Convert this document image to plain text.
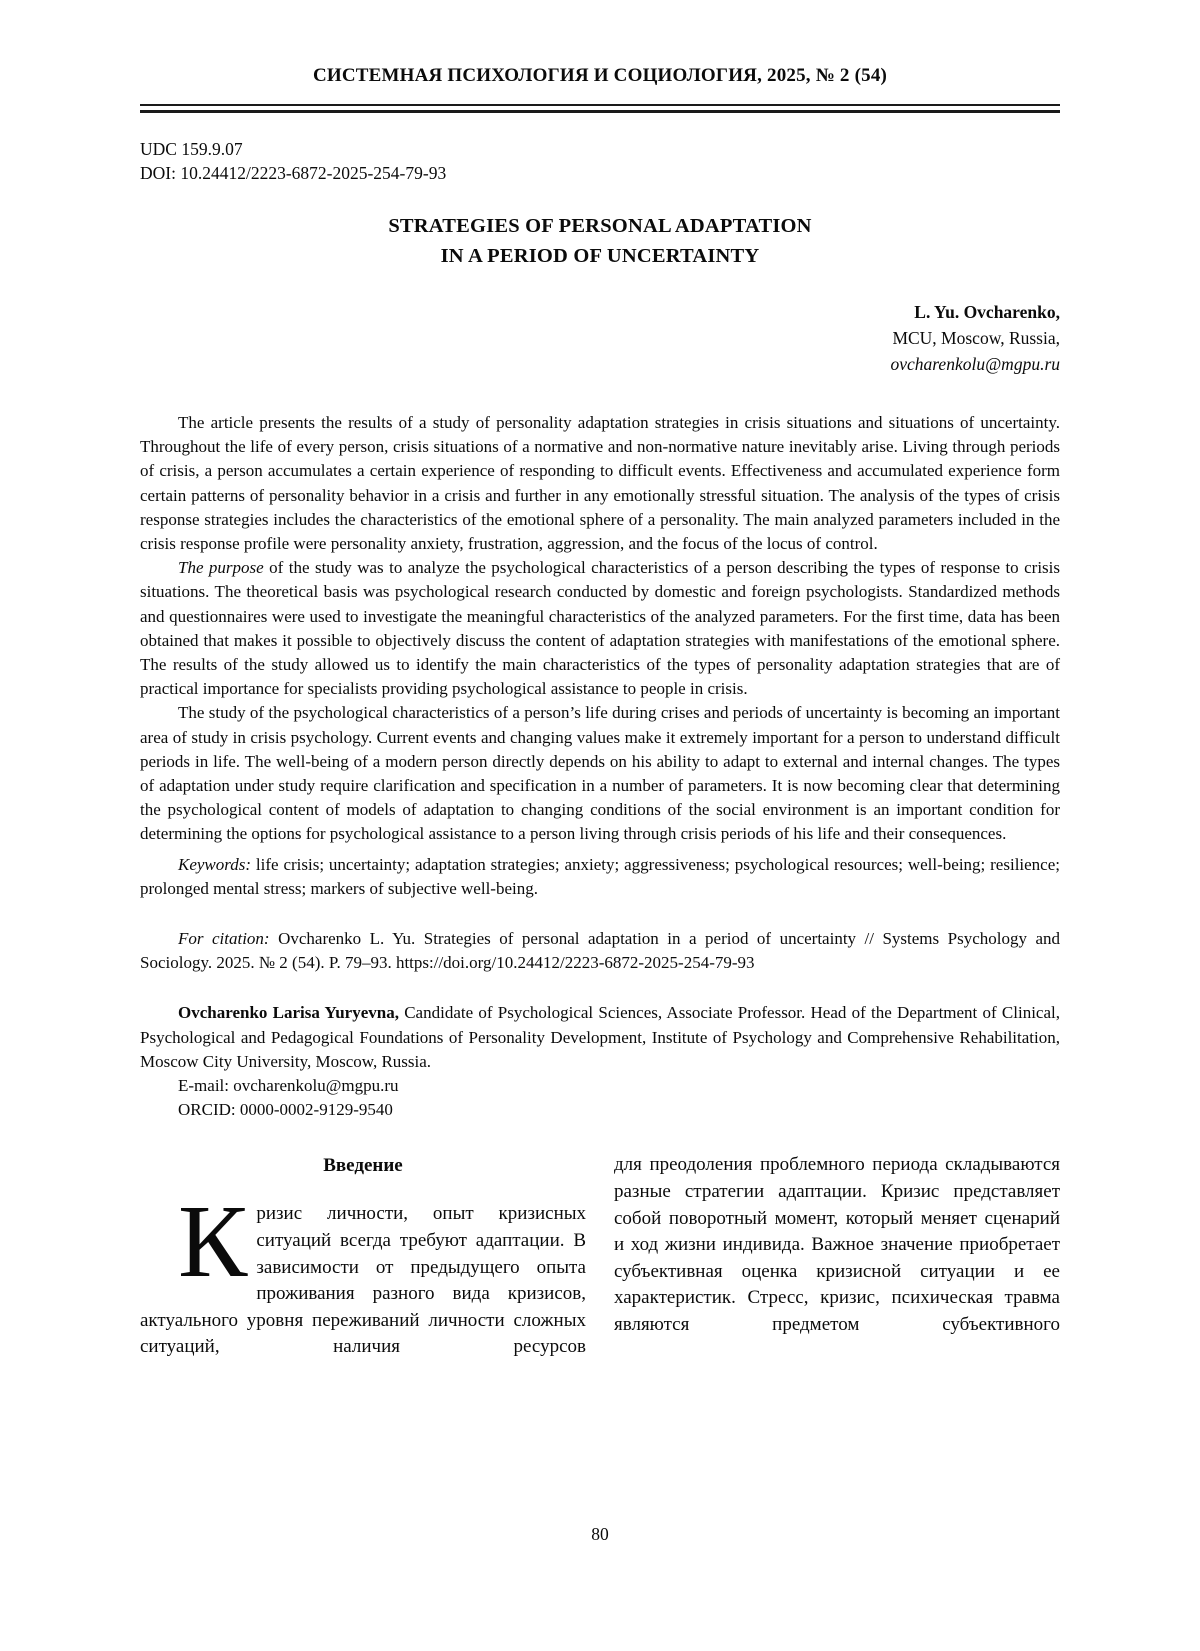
СИСТЕМНАЯ ПСИХОЛОГИЯ И СОЦИОЛОГИЯ, 2025, № 2 (54)
UDC 159.9.07
DOI: 10.24412/2223-6872-2025-254-79-93
STRATEGIES OF PERSONAL ADAPTATION
IN A PERIOD OF UNCERTAINTY
L. Yu. Ovcharenko,
MCU, Moscow, Russia,
ovcharenkolu@mgpu.ru

The article presents the results of a study of personality adaptation strategies in crisis situations and situations of uncertainty. Throughout the life of every person, crisis situations of a normative and non-normative nature inevitably arise. Living through periods of crisis, a person accumulates a certain experience of responding to difficult events. Effectiveness and accumulated experience form certain patterns of personality behavior in a crisis and further in any emotionally stressful situation. The analysis of the types of crisis response strategies includes the characteristics of the emotional sphere of a personality. The main analyzed parameters included in the crisis response profile were personality anxiety, frustration, aggression, and the focus of the locus of control.

The purpose of the study was to analyze the psychological characteristics of a person describing the types of response to crisis situations. The theoretical basis was psychological research conducted by domestic and foreign psychologists. Standardized methods and questionnaires were used to investigate the meaningful characteristics of the analyzed parameters. For the first time, data has been obtained that makes it possible to objectively discuss the content of adaptation strategies with manifestations of the emotional sphere. The results of the study allowed us to identify the main characteristics of the types of personality adaptation strategies that are of practical importance for specialists providing psychological assistance to people in crisis.

The study of the psychological characteristics of a person’s life during crises and periods of uncertainty is becoming an important area of study in crisis psychology. Current events and changing values make it extremely important for a person to understand difficult periods in life. The well-being of a modern person directly depends on his ability to adapt to external and internal changes. The types of adaptation under study require clarification and specification in a number of parameters. It is now becoming clear that determining the psychological content of models of adaptation to changing conditions of the social environment is an important condition for determining the options for psychological assistance to a person living through crisis periods of his life and their consequences.

Keywords: life crisis; uncertainty; adaptation strategies; anxiety; aggressiveness; psychological resources; well-being; resilience; prolonged mental stress; markers of subjective well-being.

For citation: Ovcharenko L. Yu. Strategies of personal adaptation in a period of uncertainty // Systems Psychology and Sociology. 2025. № 2 (54). P. 79–93. https://doi.org/10.24412/2223-6872-2025-254-79-93

Ovcharenko Larisa Yuryevna, Candidate of Psychological Sciences, Associate Professor. Head of the Department of Clinical, Psychological and Pedagogical Foundations of Personality Development, Institute of Psychology and Comprehensive Rehabilitation, Moscow City University, Moscow, Russia.

E-mail: ovcharenkolu@mgpu.ru

ORCID: 0000-0002-9129-9540

Введение

Кризис личности, опыт кризисных ситуаций всегда требуют адаптации. В зависимости от предыдущего опыта проживания разного вида кризисов, актуального уровня переживаний личности сложных ситуаций, наличия ресурсов

для преодоления проблемного периода складываются разные стратегии адаптации. Кризис представляет собой поворотный момент, который меняет сценарий и ход жизни индивида. Важное значение приобретает субъективная оценка кризисной ситуации и ее характеристик. Стресс, кризис, психическая травма являются предметом субъективного

80
